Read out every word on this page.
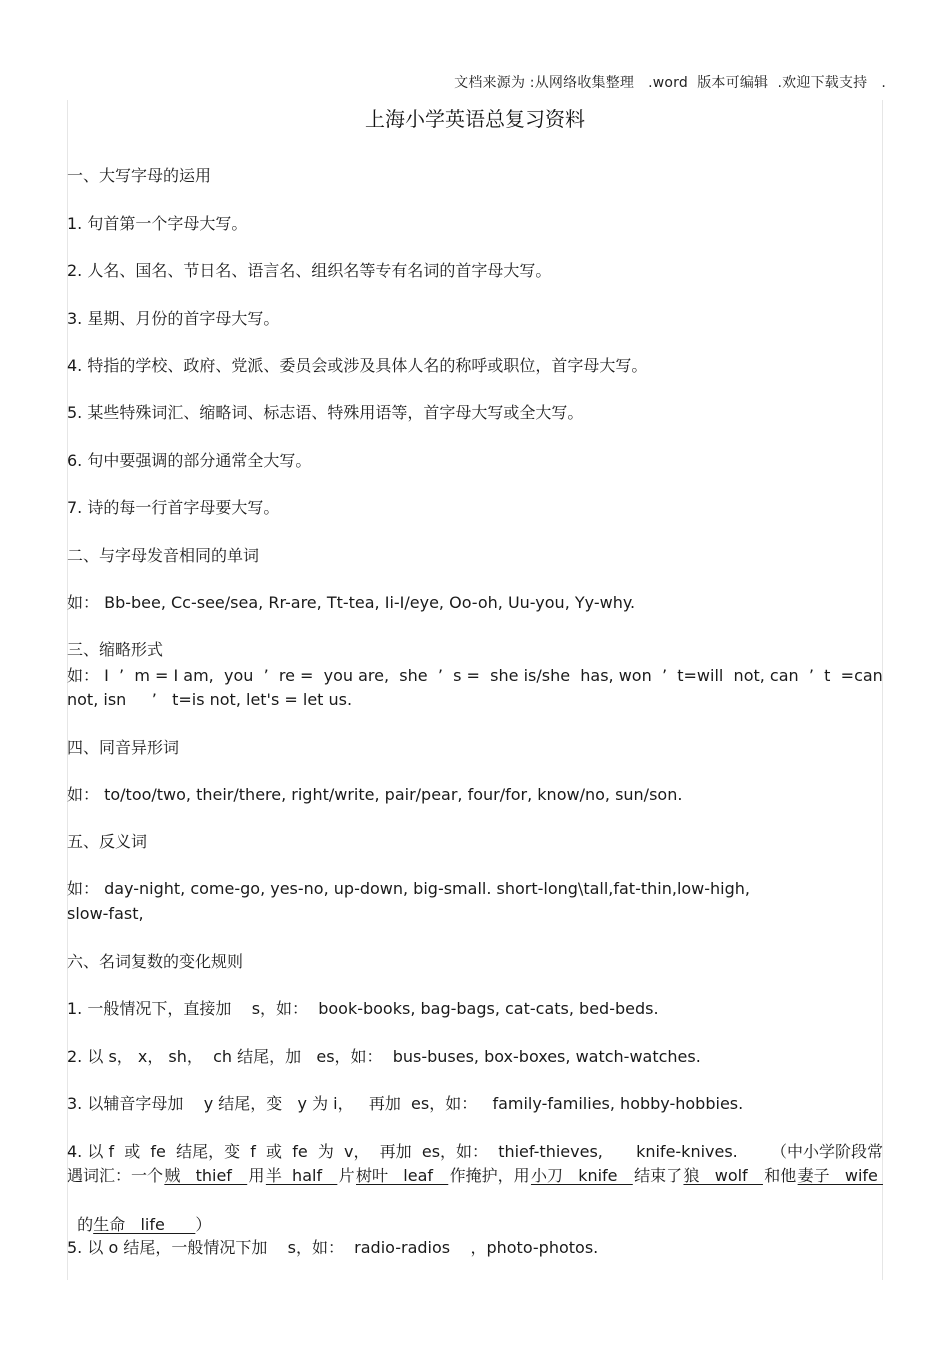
文档来源为 :从网络收集整理   .word  版本可编辑  .欢迎下载支持   .
上海小学英语总复习资料
一、大写字母的运用
1. 句首第一个字母大写。
2. 人名、国名、节日名、语言名、组织名等专有名词的首字母大写。
3. 星期、月份的首字母大写。
4. 特指的学校、政府、党派、委员会或涉及具体人名的称呼或职位，首字母大写。
5. 某些特殊词汇、缩略词、标志语、特殊用语等，首字母大写或全大写。
6. 句中要强调的部分通常全大写。
7. 诗的每一行首字母要大写。
二、与字母发音相同的单词
如： Bb-bee, Cc-see/sea, Rr-are, Tt-tea, Ii-I/eye, Oo-oh, Uu-you, Yy-why.
三、缩略形式
如： I ’ m = I am, you ’ re = you are, she ’ s = she is/she has, won ’ t=will not, can ’ t =can
not, isn     ’   t=is not, let's = let us.
四、同音异形词
如： to/too/two, their/there, right/write, pair/pear, four/for, know/no, sun/son.
五、反义词
如： day-night, come-go, yes-no, up-down, big-small. short-long\tall,fat-thin,low-high,
slow-fast,
六、名词复数的变化规则
1. 一般情况下，直接加    s，如：  book-books, bag-bags, cat-cats, bed-beds.
2. 以 s， x， sh，  ch 结尾，加   es，如：  bus-buses, box-boxes, watch-watches.
3. 以辅音字母加    y 结尾，变   y 为 i，   再加  es，如：   family-families, hobby-hobbies.
4. 以 f  或  fe  结尾，变  f  或  fe  为  v，  再加  es，如：  thief-thieves, knife-knives. （中小学阶段常
遇词汇：一个 贼   thief 用 半  half 片 树叶   leaf 作掩护，用 小刀   knife 结束了 狼   wolf 和他 妻子   wife

的生命   life      ）

5. 以 o 结尾，一般情况下加    s，如：  radio-radios    ，photo-photos.
